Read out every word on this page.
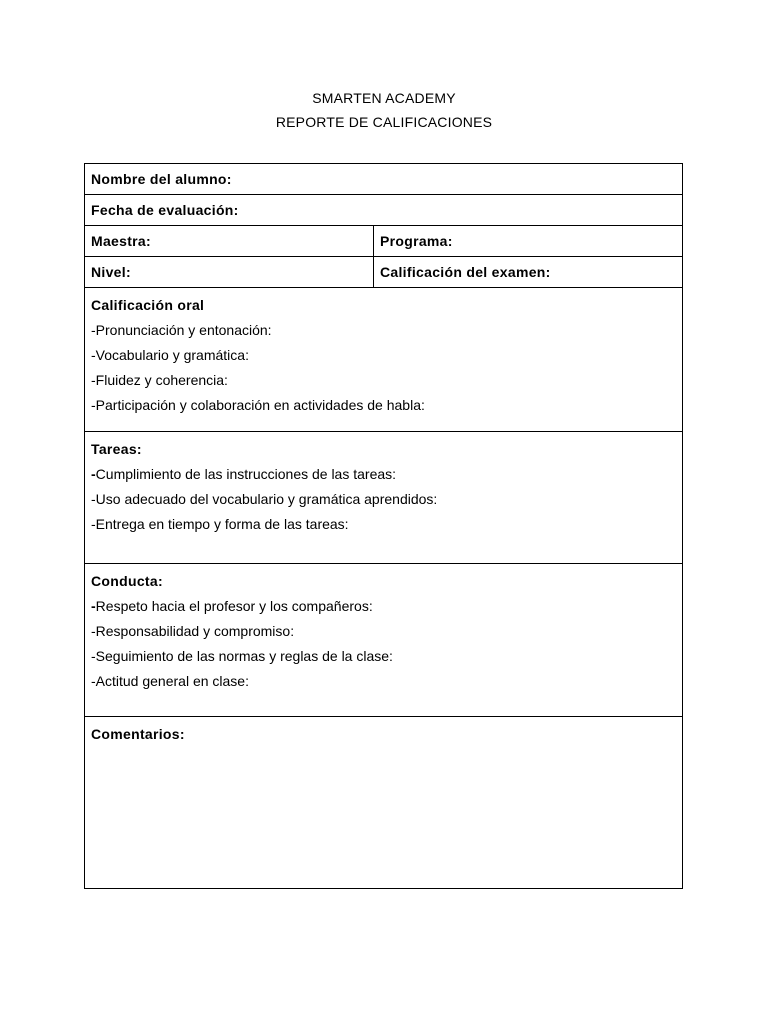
SMARTEN ACADEMY
REPORTE DE CALIFICACIONES
Nombre del alumno:	
Fecha de evaluación:	
Maestra:	Programa:
Nivel:	Calificación del examen:

Calificación oral
-Pronunciación y entonación:
-Vocabulario y gramática:
-Fluidez y coherencia:
-Participación y colaboración en actividades de habla:	

Tareas:
-Cumplimiento de las instrucciones de las tareas:
-Uso adecuado del vocabulario y gramática aprendidos:
-Entrega en tiempo y forma de las tareas:	

Conducta:
-Respeto hacia el profesor y los compañeros:
-Responsabilidad y compromiso:
-Seguimiento de las normas y reglas de la clase:
-Actitud general en clase:	

Comentarios:	
